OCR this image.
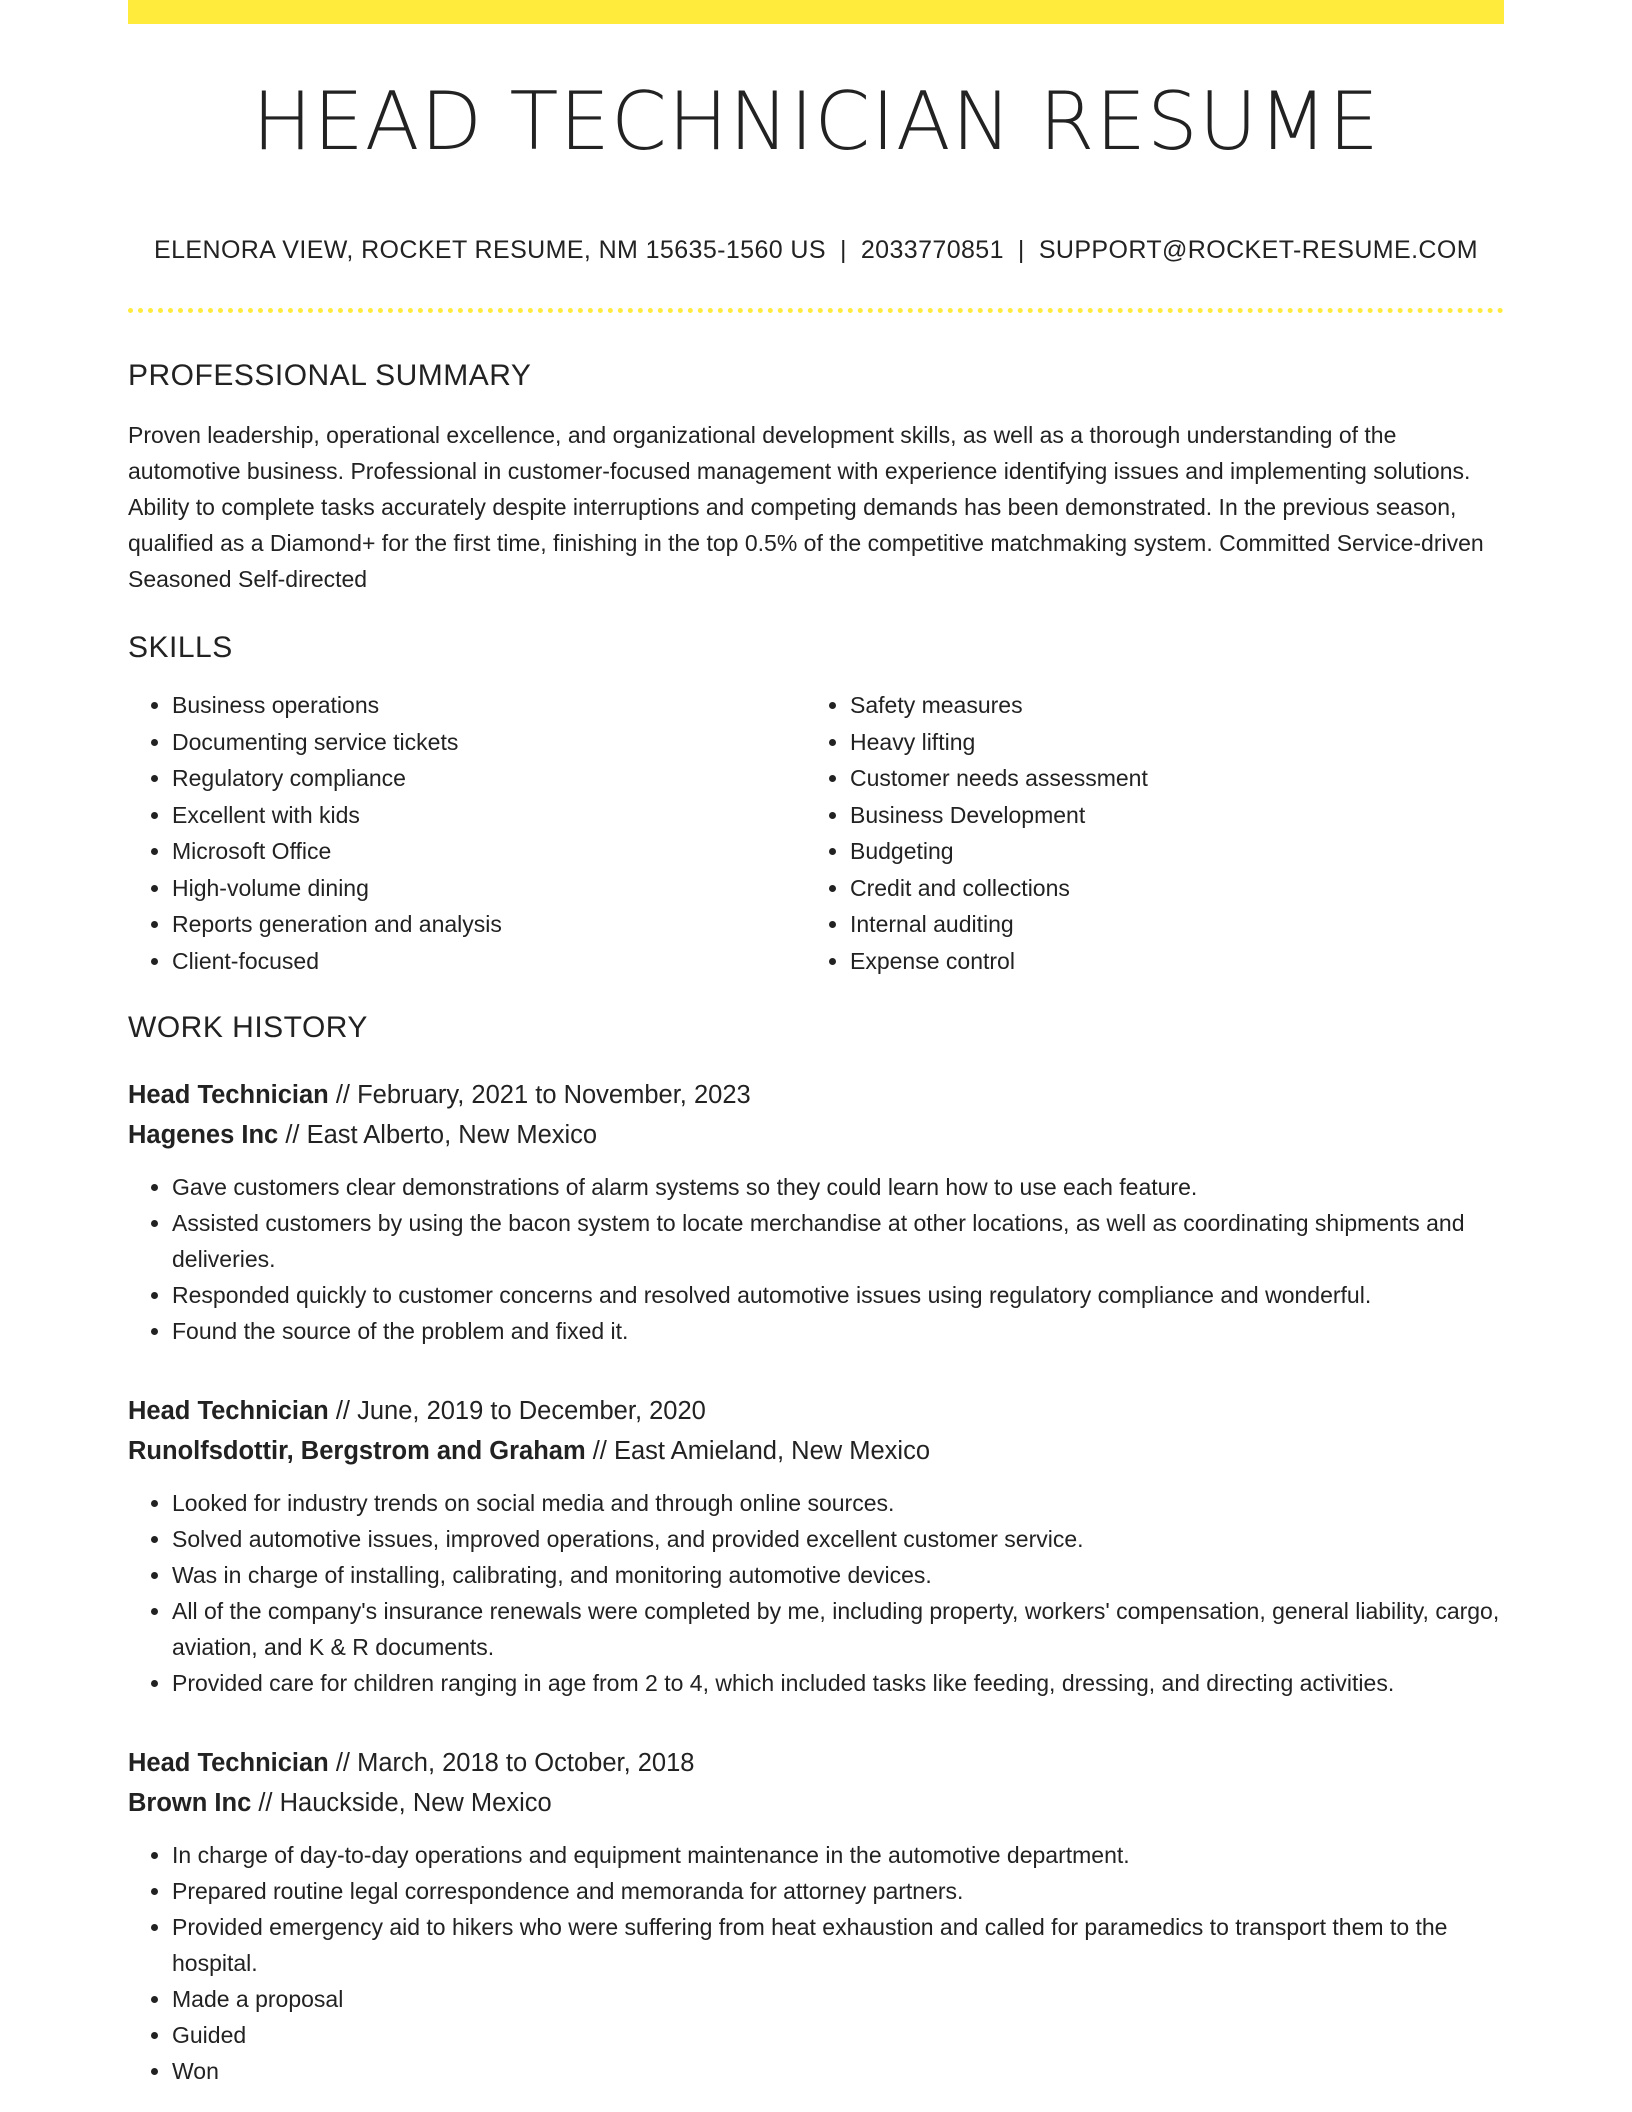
HEAD TECHNICIAN RESUME
ELENORA VIEW, ROCKET RESUME, NM 15635-1560 US | 2033770851 | SUPPORT@ROCKET-RESUME.COM
PROFESSIONAL SUMMARY
Proven leadership, operational excellence, and organizational development skills, as well as a thorough understanding of the automotive business. Professional in customer-focused management with experience identifying issues and implementing solutions. Ability to complete tasks accurately despite interruptions and competing demands has been demonstrated. In the previous season, qualified as a Diamond+ for the first time, finishing in the top 0.5% of the competitive matchmaking system. Committed Service-driven Seasoned Self-directed
SKILLS
• Business operations
• Documenting service tickets
• Regulatory compliance
• Excellent with kids
• Microsoft Office
• High-volume dining
• Reports generation and analysis
• Client-focused
• Safety measures
• Heavy lifting
• Customer needs assessment
• Business Development
• Budgeting
• Credit and collections
• Internal auditing
• Expense control
WORK HISTORY
Head Technician // February, 2021 to November, 2023
Hagenes Inc // East Alberto, New Mexico
• Gave customers clear demonstrations of alarm systems so they could learn how to use each feature.
• Assisted customers by using the bacon system to locate merchandise at other locations, as well as coordinating shipments and deliveries.
• Responded quickly to customer concerns and resolved automotive issues using regulatory compliance and wonderful.
• Found the source of the problem and fixed it.
Head Technician // June, 2019 to December, 2020
Runolfsdottir, Bergstrom and Graham // East Amieland, New Mexico
• Looked for industry trends on social media and through online sources.
• Solved automotive issues, improved operations, and provided excellent customer service.
• Was in charge of installing, calibrating, and monitoring automotive devices.
• All of the company's insurance renewals were completed by me, including property, workers' compensation, general liability, cargo, aviation, and K & R documents.
• Provided care for children ranging in age from 2 to 4, which included tasks like feeding, dressing, and directing activities.
Head Technician // March, 2018 to October, 2018
Brown Inc // Hauckside, New Mexico
• In charge of day-to-day operations and equipment maintenance in the automotive department.
• Prepared routine legal correspondence and memoranda for attorney partners.
• Provided emergency aid to hikers who were suffering from heat exhaustion and called for paramedics to transport them to the hospital.
• Made a proposal
• Guided
• Won
